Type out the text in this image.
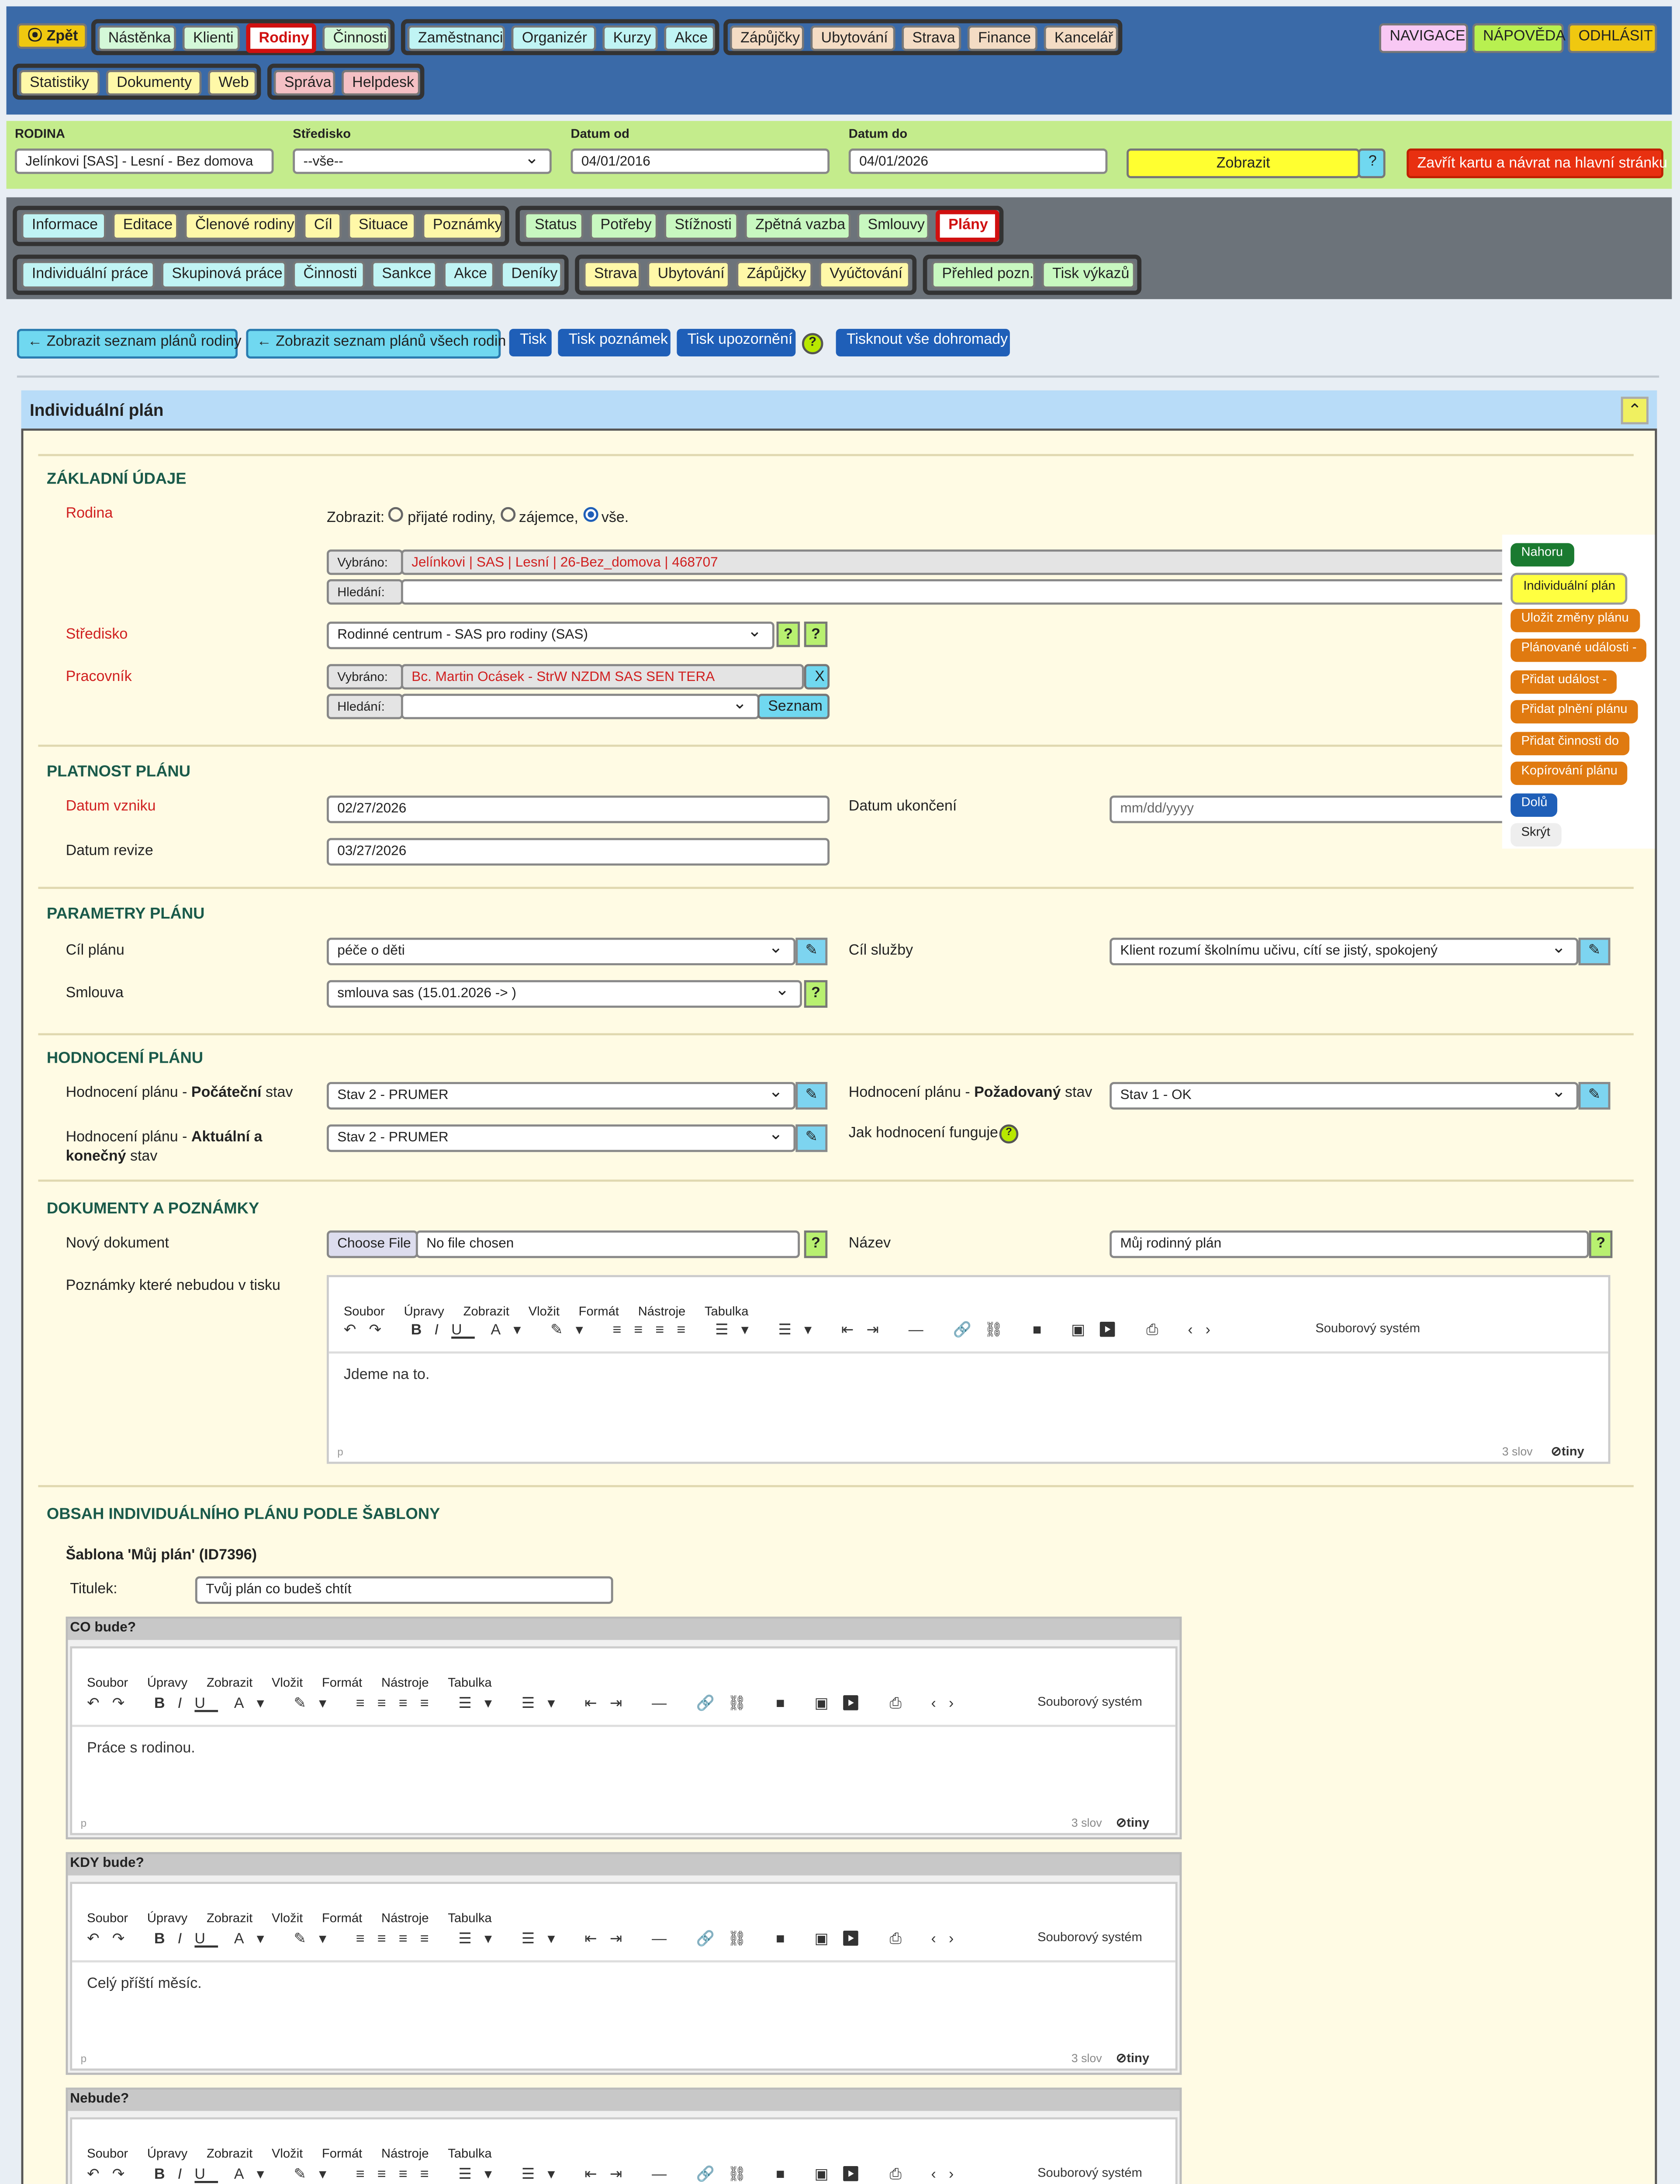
⦿ Zpět	Nástěnka	Klienti	Rodiny	Činnosti	Zaměstnanci	Organizér	Kurzy	Akce	Zápůjčky	Ubytování	Strava	Finance	Kancelář	NAVIGACE	NÁPOVĚDA	ODHLÁSIT
Statistiky	Dokumenty	Web	Správa	Helpdesk
RODINA
Jelínkovi [SAS] - Lesní - Bez domova
Středisko
--vše-- ⌄
Datum od
04/01/2016
Datum do
04/01/2026	Zobrazit	?	Zavřít kartu a návrat na hlavní stránku
Informace	Editace	Členové rodiny	Cíl	Situace	Poznámky	Status	Potřeby	Stížnosti	Zpětná vazba	Smlouvy	Plány
Individuální práce	Skupinová práce	Činnosti	Sankce	Akce	Deníky	Strava	Ubytování	Zápůjčky	Vyúčtování	Přehled pozn.	Tisk výkazů
← Zobrazit seznam plánů rodiny	← Zobrazit seznam plánů všech rodin	Tisk	Tisk poznámek	Tisk upozornění	?	Tisknout vše dohromady
Individuální plán	⌃
ZÁKLADNÍ ÚDAJE
Rodina	Zobrazit:	přijaté rodiny,	zájemce,	vše.
Vybráno:	Jelínkovi | SAS | Lesní | 26-Bez_domova | 468707
Hledání:
Středisko	Rodinné centrum - SAS pro rodiny (SAS) ⌄	?	?
Pracovník	Vybráno:	Bc. Martin Ocásek - StrW NZDM SAS SEN TERA	X
Hledání:
⌄	Seznam
PLATNOST PLÁNU
Datum vzniku	02/27/2026	Datum ukončení	mm/dd/yyyy
Datum revize	03/27/2026
PARAMETRY PLÁNU
Cíl plánu	péče o děti ⌄	✎	Cíl služby	Klient rozumí školnímu učivu, cítí se jistý, spokojený ⌄	✎
Smlouva	smlouva sas (15.01.2026 -> ) ⌄	?
HODNOCENÍ PLÁNU
Hodnocení plánu - Počáteční stav	Stav 2 - PRUMER ⌄	✎	Hodnocení plánu - Požadovaný stav	Stav 1 - OK ⌄	✎
Hodnocení plánu - Aktuální a konečný stav
Stav 2 - PRUMER ⌄	✎	Jak hodnocení funguje	?
DOKUMENTY A POZNÁMKY
Nový dokument	Choose File	No file chosen	?	Název	Můj rodinný plán	?
Poznámky které nebudou v tisku
Soubor	Úpravy	Zobrazit	Vložit	Formát	Nástroje	Tabulka
↶↷ BIU A▾ ✎▾ ≡≡≡≡ ☰▾ ☰▾ ⇤⇥ — 🔗⛓ ■ ▣▶ ⎙ ‹›	Souborový systém
Jdeme na to.
p	3 slov	⊘tiny
OBSAH INDIVIDUÁLNÍHO PLÁNU PODLE ŠABLONY
Šablona 'Můj plán' (ID7396)
Titulek:	Tvůj plán co budeš chtít
CO bude?
Soubor	Úpravy	Zobrazit	Vložit	Formát	Nástroje	Tabulka
↶↷ BIU A▾ ✎▾ ≡≡≡≡ ☰▾ ☰▾ ⇤⇥ — 🔗⛓ ■ ▣▶ ⎙ ‹›	Souborový systém
Práce s rodinou.
p	3 slov	⊘tiny
KDY bude?
Soubor	Úpravy	Zobrazit	Vložit	Formát	Nástroje	Tabulka
↶↷ BIU A▾ ✎▾ ≡≡≡≡ ☰▾ ☰▾ ⇤⇥ — 🔗⛓ ■ ▣▶ ⎙ ‹›	Souborový systém
Celý příští měsíc.
p	3 slov	⊘tiny
Nebude?
Soubor	Úpravy	Zobrazit	Vložit	Formát	Nástroje	Tabulka
↶↷ BIU A▾ ✎▾ ≡≡≡≡ ☰▾ ☰▾ ⇤⇥ — 🔗⛓ ■ ▣▶ ⎙ ‹›	Souborový systém
Nahoru
Individuální plán
Uložit změny plánu
Plánované události -
Přidat událost -
Přidat plnění plánu
Přidat činnosti do
Kopírování plánu
Dolů
Skrýt
